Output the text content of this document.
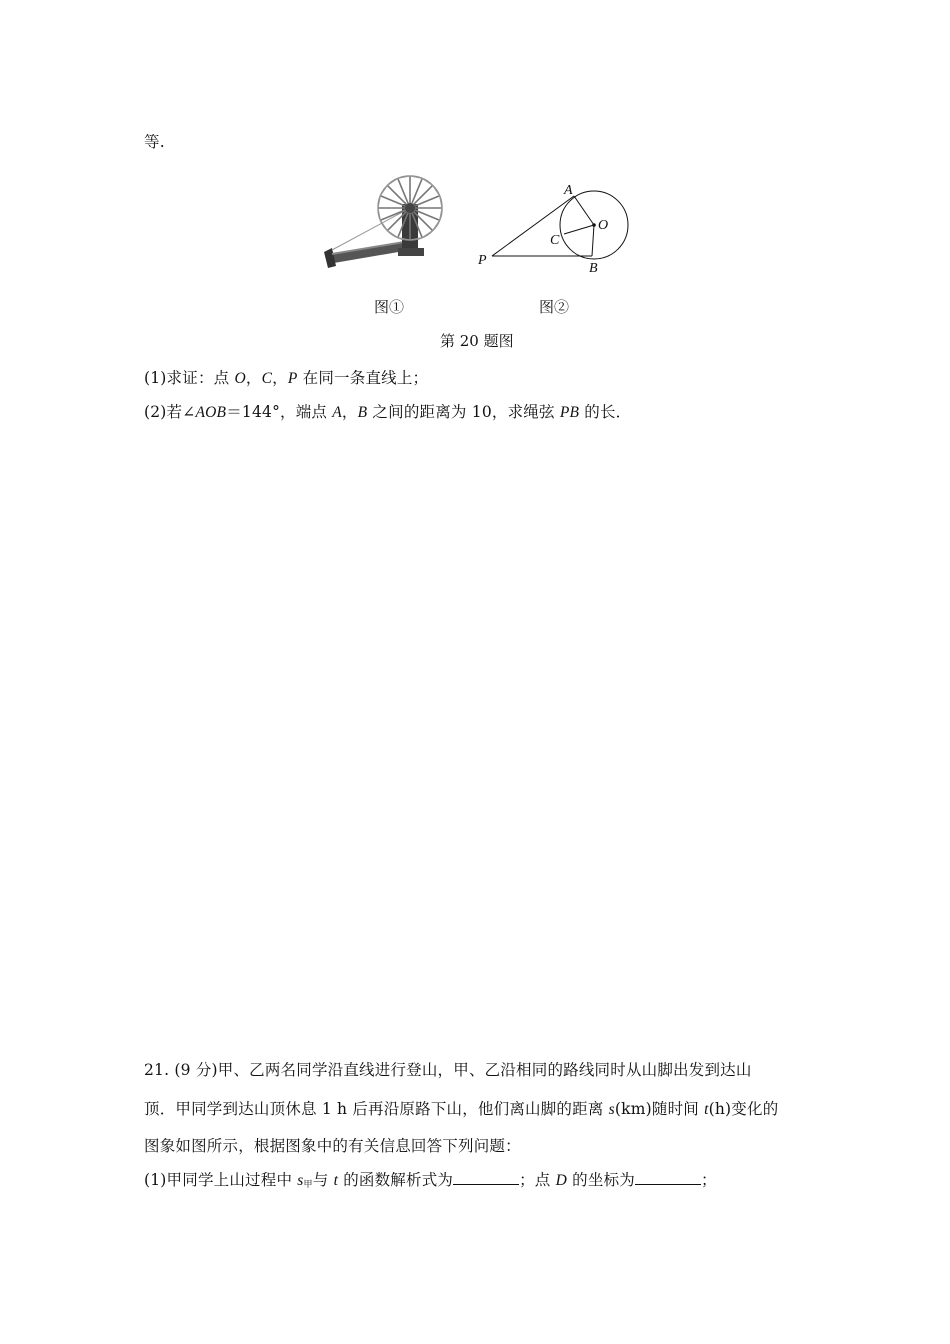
等.
图①
A
O
C
P
B
图②
第 20 题图
(1)求证：点 O，C，P 在同一条直线上；
(2)若∠AOB＝144°，端点 A，B 之间的距离为 10，求绳弦 PB 的长．
21. (9 分)甲、乙两名同学沿直线进行登山，甲、乙沿相同的路线同时从山脚出发到达山
顶．甲同学到达山顶休息 1 h 后再沿原路下山，他们离山脚的距离 s(km)随时间 t(h)变化的
图象如图所示，根据图象中的有关信息回答下列问题：
(1)甲同学上山过程中 $s_甲$与 t 的函数解析式为	；点 D 的坐标为	；
